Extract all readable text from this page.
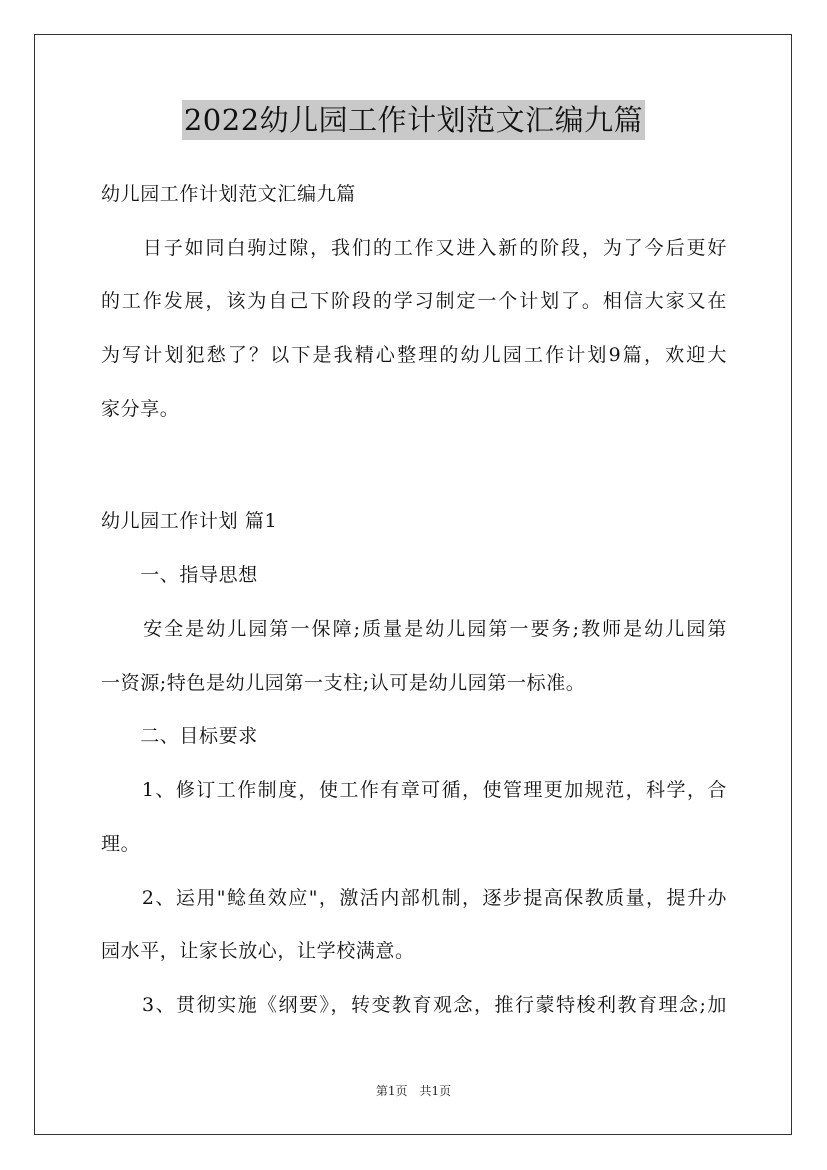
2022幼儿园工作计划范文汇编九篇
幼儿园工作计划范文汇编九篇
　　日子如同白驹过隙，我们的工作又进入新的阶段，为了今后更好
的工作发展，该为自己下阶段的学习制定一个计划了。相信大家又在
为写计划犯愁了？以下是我精心整理的幼儿园工作计划9篇，欢迎大
家分享。
幼儿园工作计划 篇1
　　一、指导思想
　　安全是幼儿园第一保障;质量是幼儿园第一要务;教师是幼儿园第
一资源;特色是幼儿园第一支柱;认可是幼儿园第一标准。
　　二、目标要求
　　1、修订工作制度，使工作有章可循，使管理更加规范，科学，合
理。
　　2、运用"鲶鱼效应"，激活内部机制，逐步提高保教质量，提升办
园水平，让家长放心，让学校满意。
　　3、贯彻实施《纲要》，转变教育观念，推行蒙特梭利教育理念;加
第1页　共1页
